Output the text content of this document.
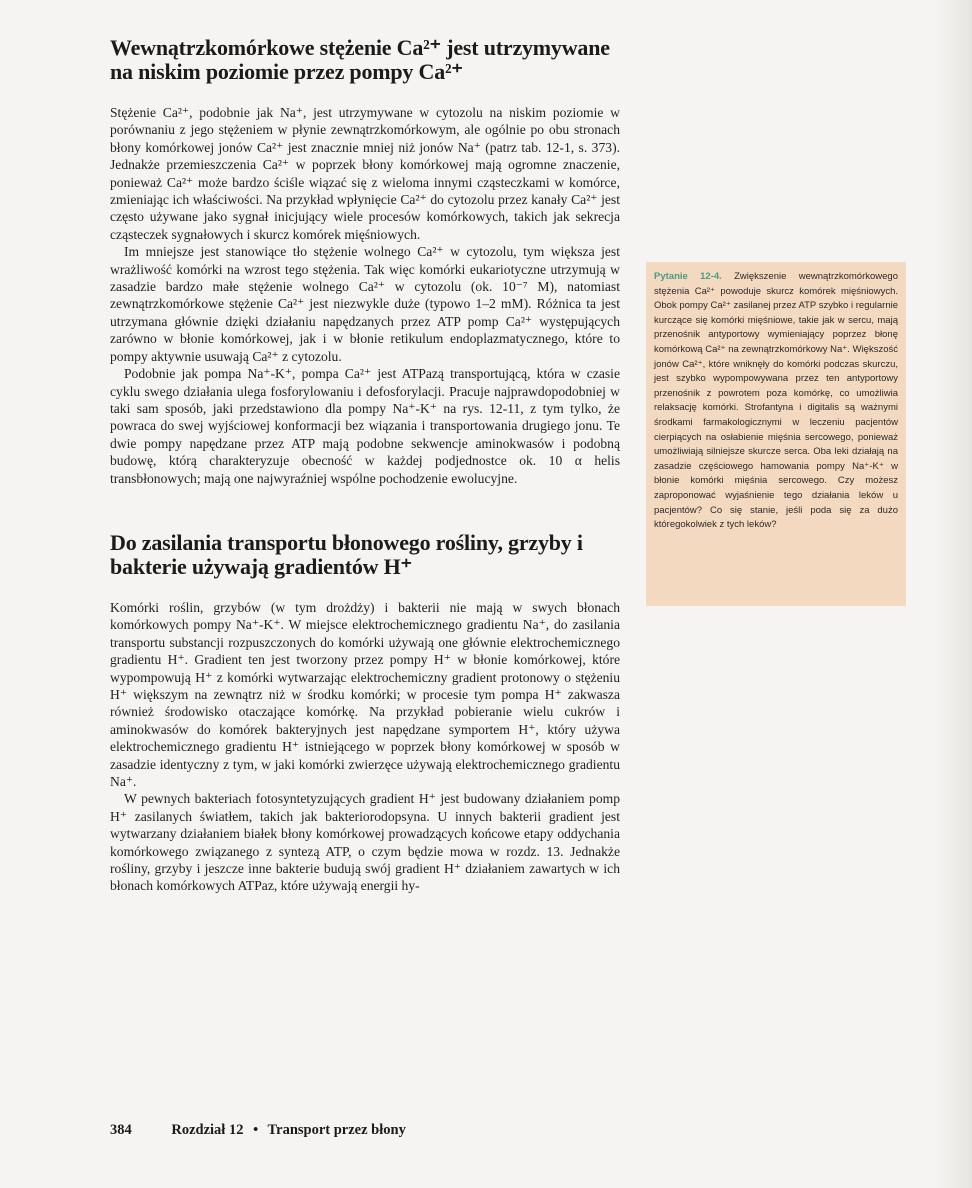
Wewnątrzkomórkowe stężenie Ca²⁺ jest utrzymywane na niskim poziomie przez pompy Ca²⁺

Stężenie Ca²⁺, podobnie jak Na⁺, jest utrzymywane w cytozolu na niskim poziomie w porównaniu z jego stężeniem w płynie zewnątrzkomórkowym, ale ogólnie po obu stronach błony komórkowej jonów Ca²⁺ jest znacznie mniej niż jonów Na⁺ (patrz tab. 12-1, s. 373). Jednakże przemieszczenia Ca²⁺ w poprzek błony komórkowej mają ogromne znaczenie, ponieważ Ca²⁺ może bardzo ściśle wiązać się z wieloma innymi cząsteczkami w komórce, zmieniając ich właściwości. Na przykład wpłynięcie Ca²⁺ do cytozolu przez kanały Ca²⁺ jest często używane jako sygnał inicjujący wiele procesów komórkowych, takich jak sekrecja cząsteczek sygnałowych i skurcz komórek mięśniowych.

Im mniejsze jest stanowiące tło stężenie wolnego Ca²⁺ w cytozolu, tym większa jest wrażliwość komórki na wzrost tego stężenia. Tak więc komórki eukariotyczne utrzymują w zasadzie bardzo małe stężenie wolnego Ca²⁺ w cytozolu (ok. 10⁻⁷ M), natomiast zewnątrzkomórkowe stężenie Ca²⁺ jest niezwykle duże (typowo 1–2 mM). Różnica ta jest utrzymana głównie dzięki działaniu napędzanych przez ATP pomp Ca²⁺ występujących zarówno w błonie komórkowej, jak i w błonie retikulum endoplazmatycznego, które to pompy aktywnie usuwają Ca²⁺ z cytozolu.

Podobnie jak pompa Na⁺-K⁺, pompa Ca²⁺ jest ATPazą transportującą, która w czasie cyklu swego działania ulega fosforylowaniu i defosforylacji. Pracuje najprawdopodobniej w taki sam sposób, jaki przedstawiono dla pompy Na⁺-K⁺ na rys. 12-11, z tym tylko, że powraca do swej wyjściowej konformacji bez wiązania i transportowania drugiego jonu. Te dwie pompy napędzane przez ATP mają podobne sekwencje aminokwasów i podobną budowę, którą charakteryzuje obecność w każdej podjednostce ok. 10 α helis transbłonowych; mają one najwyraźniej wspólne pochodzenie ewolucyjne.

Do zasilania transportu błonowego rośliny, grzyby i bakterie używają gradientów H⁺

Komórki roślin, grzybów (w tym drożdży) i bakterii nie mają w swych błonach komórkowych pompy Na⁺-K⁺. W miejsce elektrochemicznego gradientu Na⁺, do zasilania transportu substancji rozpuszczonych do komórki używają one głównie elektrochemicznego gradientu H⁺. Gradient ten jest tworzony przez pompy H⁺ w błonie komórkowej, które wypompowują H⁺ z komórki wytwarzając elektrochemiczny gradient protonowy o stężeniu H⁺ większym na zewnątrz niż w środku komórki; w procesie tym pompa H⁺ zakwasza również środowisko otaczające komórkę. Na przykład pobieranie wielu cukrów i aminokwasów do komórek bakteryjnych jest napędzane symportem H⁺, który używa elektrochemicznego gradientu H⁺ istniejącego w poprzek błony komórkowej w sposób w zasadzie identyczny z tym, w jaki komórki zwierzęce używają elektrochemicznego gradientu Na⁺.

W pewnych bakteriach fotosyntetyzujących gradient H⁺ jest budowany działaniem pomp H⁺ zasilanych światłem, takich jak bakteriorodopsyna. U innych bakterii gradient jest wytwarzany działaniem białek błony komórkowej prowadzących końcowe etapy oddychania komórkowego związanego z syntezą ATP, o czym będzie mowa w rozdz. 13. Jednakże rośliny, grzyby i jeszcze inne bakterie budują swój gradient H⁺ działaniem zawartych w ich błonach komórkowych ATPaz, które używają energii hy-

Pytanie 12-4. Zwiększenie wewnątrzkomórkowego stężenia Ca²⁺ powoduje skurcz komórek mięśniowych. Obok pompy Ca²⁺ zasilanej przez ATP szybko i regularnie kurczące się komórki mięśniowe, takie jak w sercu, mają przenośnik antyportowy wymieniający poprzez błonę komórkową Ca²⁺ na zewnątrzkomórkowy Na⁺. Większość jonów Ca²⁺, które wniknęły do komórki podczas skurczu, jest szybko wypompowywana przez ten antyportowy przenośnik z powrotem poza komórkę, co umożliwia relaksację komórki. Strofantyna i digitalis są ważnymi środkami farmakologicznymi w leczeniu pacjentów cierpiących na osłabienie mięśnia sercowego, ponieważ umożliwiają silniejsze skurcze serca. Oba leki działają na zasadzie częściowego hamowania pompy Na⁺-K⁺ w błonie komórki mięśnia sercowego. Czy możesz zaproponować wyjaśnienie tego działania leków u pacjentów? Co się stanie, jeśli poda się za dużo któregokolwiek z tych leków?
384	Rozdział 12 • Transport przez błony
